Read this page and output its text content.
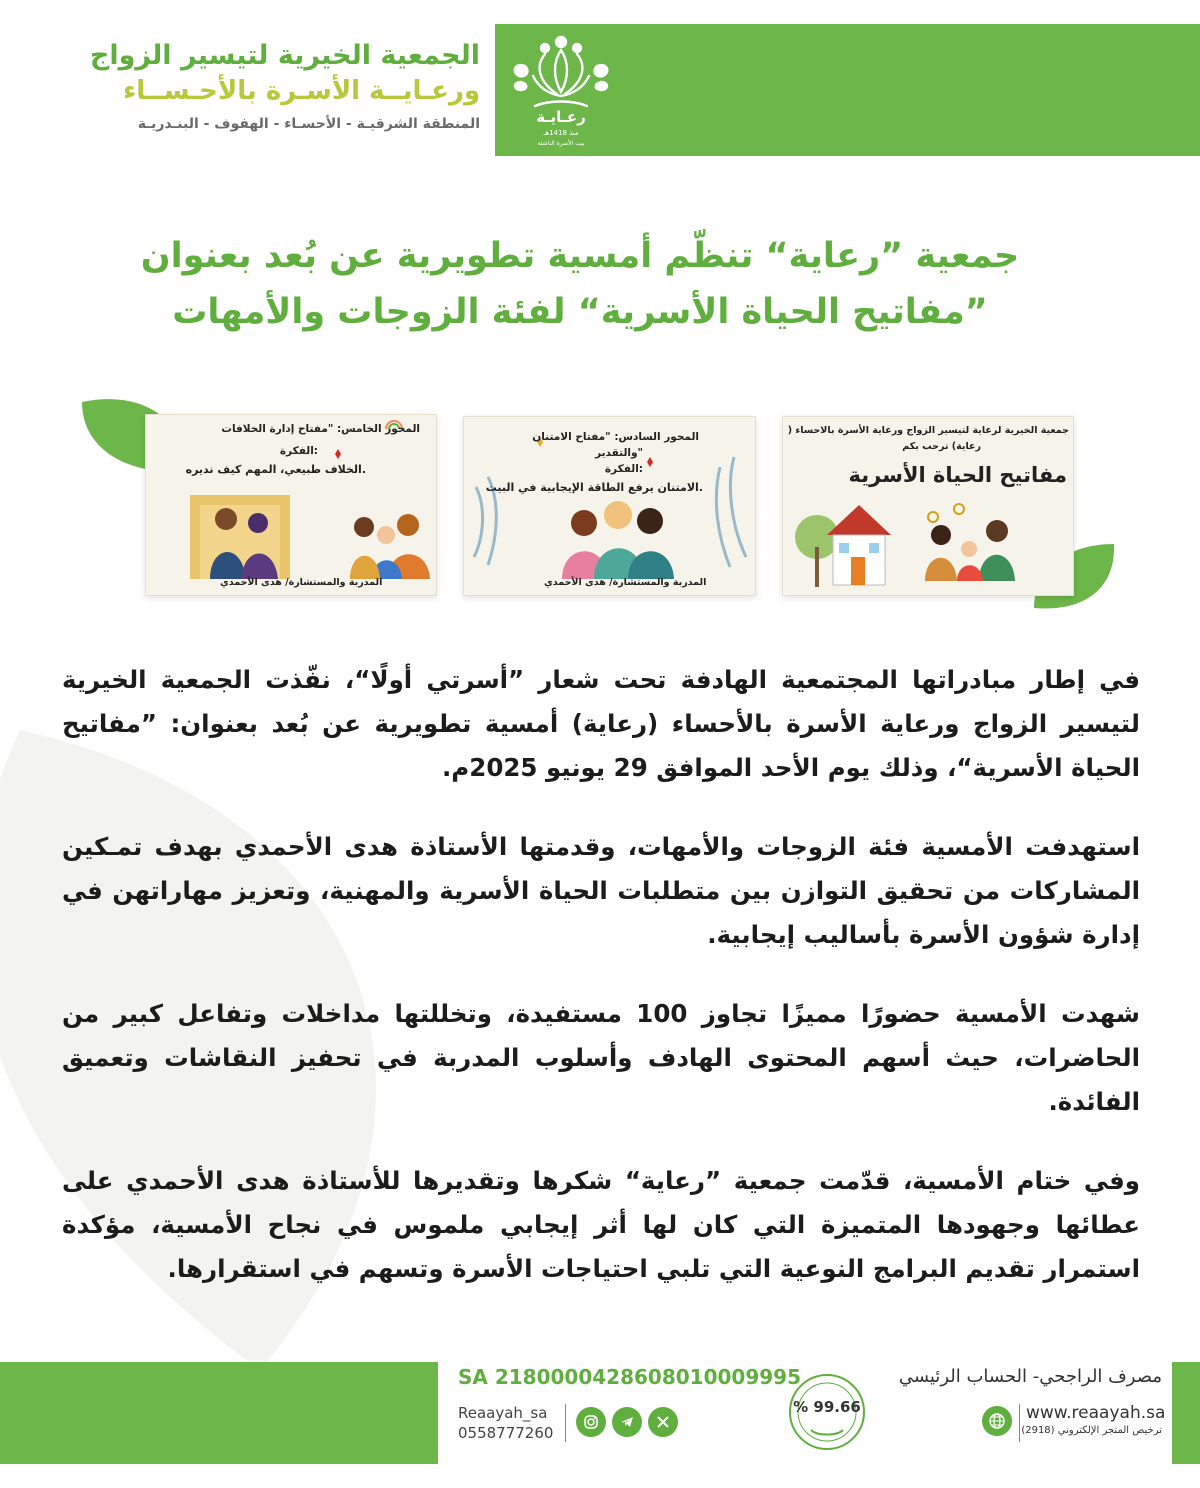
رعـايـة
منذ 1418هـ
بيت الأسرة الناشئة
الجمعية الخيرية لتيسير الزواج
ورعـايــة الأسـرة بالأحـســاء
المنطقة الشرقيـة - الأحسـاء - الهفوف - البنـدريـة
جمعية ”رعاية“ تنظّم أمسية تطويرية عن بُعد بعنوان
”مفاتيح الحياة الأسرية“ لفئة الزوجات والأمهات
المحور الخامس: "مفتاح إدارة الخلافات
:الفكرة
.الخلاف طبيعي، المهم كيف نديره
المدربة والمستشارة/ هدى الأحمدي
المحور السادس: "مفتاح الامتنان
"والتقدير
:الفكرة
.الامتنان يرفع الطاقة الإيجابية في البيت
المدربة والمستشارة/ هدى الأحمدي
جمعية الخيرية لرعاية لتيسير الزواج ورعاية الأسرة بالاحساء (
رعاية) ترحب بكم
مفاتيح الحياة الأسرية

في إطار مبادراتها المجتمعية الهادفة تحت شعار ”أسرتي أولًا“، نفّذت الجمعية الخيرية لتيسير الزواج ورعاية الأسرة بالأحساء (رعاية) أمسية تطويرية عن بُعد بعنوان: ”مفاتيح الحياة الأسرية“، وذلك يوم الأحد الموافق 29 يونيو 2025م.

استهدفت الأمسية فئة الزوجات والأمهات، وقدمتها الأستاذة هدى الأحمدي بهدف تمـكين المشاركات من تحقيق التوازن بين متطلبات الحياة الأسرية والمهنية، وتعزيز مهاراتهن في إدارة شؤون الأسرة بأساليب إيجابية.

شهدت الأمسية حضورًا مميزًا تجاوز 100 مستفيدة، وتخللتها مداخلات وتفاعل كبير من الحاضرات، حيث أسهم المحتوى الهادف وأسلوب المدربة في تحفيز النقاشات وتعميق الفائدة.

وفي ختام الأمسية، قدّمت جمعية ”رعاية“ شكرها وتقديرها للأستاذة هدى الأحمدي على عطائها وجهودها المتميزة التي كان لها أثر إيجابي ملموس في نجاح الأمسية، مؤكدة استمرار تقديم البرامج النوعية التي تلبي احتياجات الأسرة وتسهم في استقرارها.

SA 2180000428608010009995
Reaayah_sa
0558777260
% 99.66
مصرف الراجحي- الحساب الرئيسي
www.reaayah.sa
ترخيص المتجر الإلكتروني (2918)
